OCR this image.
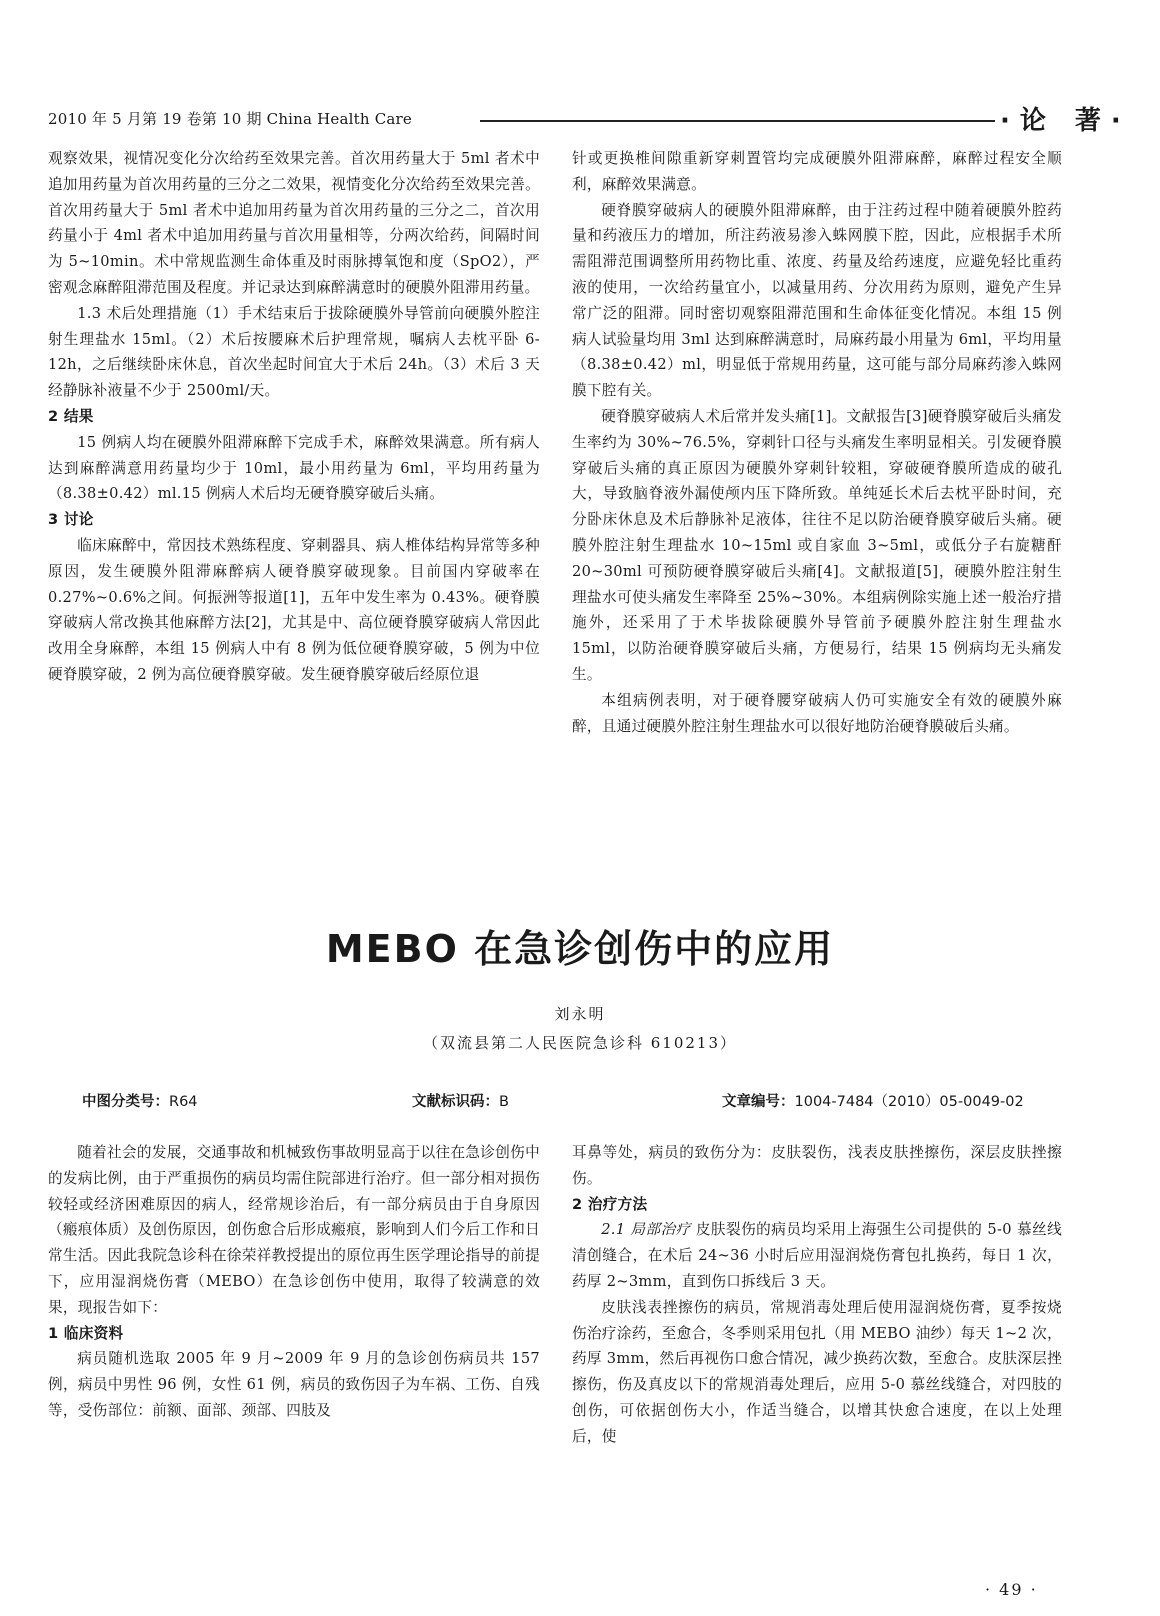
2010 年 5 月第 19 卷第 10 期 China Health Care	·论 著·

观察效果，视情况变化分次给药至效果完善。首次用药量大于 5ml 者术中追加用药量为首次用药量的三分之二效果，视情变化分次给药至效果完善。首次用药量大于 5ml 者术中追加用药量为首次用药量的三分之二，首次用药量小于 4ml 者术中追加用药量与首次用量相等，分两次给药，间隔时间为 5~10min。术中常规监测生命体重及时雨脉搏氧饱和度（SpO2），严密观念麻醉阻滞范围及程度。并记录达到麻醉满意时的硬膜外阻滞用药量。

1.3 术后处理措施（1）手术结束后于拔除硬膜外导管前向硬膜外腔注射生理盐水 15ml。（2）术后按腰麻术后护理常规，嘱病人去枕平卧 6-12h，之后继续卧床休息，首次坐起时间宜大于术后 24h。（3）术后 3 天经静脉补液量不少于 2500ml/天。

2 结果

15 例病人均在硬膜外阻滞麻醉下完成手术，麻醉效果满意。所有病人达到麻醉满意用药量均少于 10ml，最小用药量为 6ml，平均用药量为（8.38±0.42）ml.15 例病人术后均无硬脊膜穿破后头痛。

3 讨论

临床麻醉中，常因技术熟练程度、穿刺器具、病人椎体结构异常等多种原因，发生硬膜外阻滞麻醉病人硬脊膜穿破现象。目前国内穿破率在 0.27%~0.6%之间。何振洲等报道[1]，五年中发生率为 0.43%。硬脊膜穿破病人常改换其他麻醉方法[2]，尤其是中、高位硬脊膜穿破病人常因此改用全身麻醉，本组 15 例病人中有 8 例为低位硬脊膜穿破，5 例为中位硬脊膜穿破，2 例为高位硬脊膜穿破。发生硬脊膜穿破后经原位退

针或更换椎间隙重新穿刺置管均完成硬膜外阻滞麻醉，麻醉过程安全顺利，麻醉效果满意。

硬脊膜穿破病人的硬膜外阻滞麻醉，由于注药过程中随着硬膜外腔药量和药液压力的增加，所注药液易渗入蛛网膜下腔，因此，应根据手术所需阻滞范围调整所用药物比重、浓度、药量及给药速度，应避免轻比重药液的使用，一次给药量宜小，以减量用药、分次用药为原则，避免产生异常广泛的阻滞。同时密切观察阻滞范围和生命体征变化情况。本组 15 例病人试验量均用 3ml 达到麻醉满意时，局麻药最小用量为 6ml，平均用量（8.38±0.42）ml，明显低于常规用药量，这可能与部分局麻药渗入蛛网膜下腔有关。

硬脊膜穿破病人术后常并发头痛[1]。文献报告[3]硬脊膜穿破后头痛发生率约为 30%~76.5%，穿刺针口径与头痛发生率明显相关。引发硬脊膜穿破后头痛的真正原因为硬膜外穿刺针较粗，穿破硬脊膜所造成的破孔大，导致脑脊液外漏使颅内压下降所致。单纯延长术后去枕平卧时间，充分卧床休息及术后静脉补足液体，往往不足以防治硬脊膜穿破后头痛。硬膜外腔注射生理盐水 10~15ml 或自家血 3~5ml，或低分子右旋糖酐 20~30ml 可预防硬脊膜穿破后头痛[4]。文献报道[5]，硬膜外腔注射生理盐水可使头痛发生率降至 25%~30%。本组病例除实施上述一般治疗措施外，还采用了于术毕拔除硬膜外导管前予硬膜外腔注射生理盐水 15ml，以防治硬脊膜穿破后头痛，方便易行，结果 15 例病均无头痛发生。

本组病例表明，对于硬脊腰穿破病人仍可实施安全有效的硬膜外麻醉，且通过硬膜外腔注射生理盐水可以很好地防治硬脊膜破后头痛。

MEBO 在急诊创伤中的应用
刘永明
（双流县第二人民医院急诊科 610213）
中图分类号：R64	文献标识码：B	文章编号：1004-7484（2010）05-0049-02

随着社会的发展，交通事故和机械致伤事故明显高于以往在急诊创伤中的发病比例，由于严重损伤的病员均需住院部进行治疗。但一部分相对损伤较轻或经济困难原因的病人，经常规诊治后，有一部分病员由于自身原因（瘢痕体质）及创伤原因，创伤愈合后形成瘢痕，影响到人们今后工作和日常生活。因此我院急诊科在徐荣祥教授提出的原位再生医学理论指导的前提下，应用湿润烧伤膏（MEBO）在急诊创伤中使用，取得了较满意的效果，现报告如下：

1 临床资料

病员随机选取 2005 年 9 月~2009 年 9 月的急诊创伤病员共 157 例，病员中男性 96 例，女性 61 例，病员的致伤因子为车祸、工伤、自残等，受伤部位：前额、面部、颈部、四肢及

耳鼻等处，病员的致伤分为：皮肤裂伤，浅表皮肤挫擦伤，深层皮肤挫擦伤。

2 治疗方法

2.1 局部治疗 皮肤裂伤的病员均采用上海强生公司提供的 5-0 慕丝线清创缝合，在术后 24~36 小时后应用湿润烧伤膏包扎换药，每日 1 次，药厚 2~3mm，直到伤口拆线后 3 天。

皮肤浅表挫擦伤的病员，常规消毒处理后使用湿润烧伤膏，夏季按烧伤治疗涂药，至愈合，冬季则采用包扎（用 MEBO 油纱）每天 1~2 次，药厚 3mm，然后再视伤口愈合情况，减少换药次数，至愈合。皮肤深层挫擦伤，伤及真皮以下的常规消毒处理后，应用 5-0 慕丝线缝合，对四肢的创伤，可依据创伤大小，作适当缝合，以增其快愈合速度，在以上处理后，使

· 49 ·
